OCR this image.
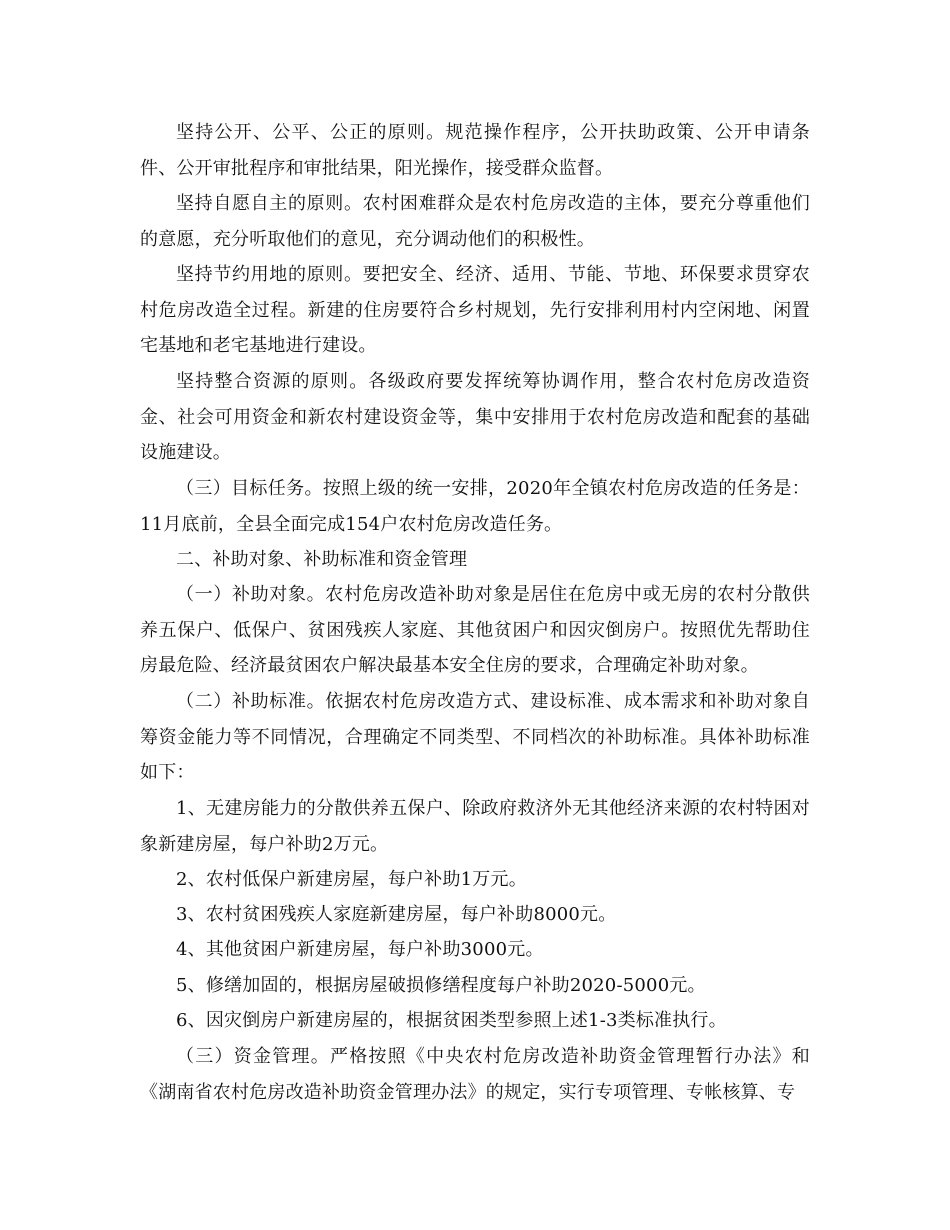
坚持公开、公平、公正的原则。规范操作程序，公开扶助政策、公开申请条件、公开审批程序和审批结果，阳光操作，接受群众监督。

坚持自愿自主的原则。农村困难群众是农村危房改造的主体，要充分尊重他们的意愿，充分听取他们的意见，充分调动他们的积极性。

坚持节约用地的原则。要把安全、经济、适用、节能、节地、环保要求贯穿农村危房改造全过程。新建的住房要符合乡村规划，先行安排利用村内空闲地、闲置宅基地和老宅基地进行建设。

坚持整合资源的原则。各级政府要发挥统筹协调作用，整合农村危房改造资金、社会可用资金和新农村建设资金等，集中安排用于农村危房改造和配套的基础设施建设。

（三）目标任务。按照上级的统一安排，2020年全镇农村危房改造的任务是：11月底前，全县全面完成154户农村危房改造任务。

二、补助对象、补助标准和资金管理

（一）补助对象。农村危房改造补助对象是居住在危房中或无房的农村分散供养五保户、低保户、贫困残疾人家庭、其他贫困户和因灾倒房户。按照优先帮助住房最危险、经济最贫困农户解决最基本安全住房的要求，合理确定补助对象。

（二）补助标准。依据农村危房改造方式、建设标准、成本需求和补助对象自筹资金能力等不同情况，合理确定不同类型、不同档次的补助标准。具体补助标准如下：

1、无建房能力的分散供养五保户、除政府救济外无其他经济来源的农村特困对象新建房屋，每户补助2万元。

2、农村低保户新建房屋，每户补助1万元。

3、农村贫困残疾人家庭新建房屋，每户补助8000元。

4、其他贫困户新建房屋，每户补助3000元。

5、修缮加固的，根据房屋破损修缮程度每户补助2020-5000元。

6、因灾倒房户新建房屋的，根据贫困类型参照上述1-3类标准执行。

（三）资金管理。严格按照《中央农村危房改造补助资金管理暂行办法》和《湖南省农村危房改造补助资金管理办法》的规定，实行专项管理、专帐核算、专
